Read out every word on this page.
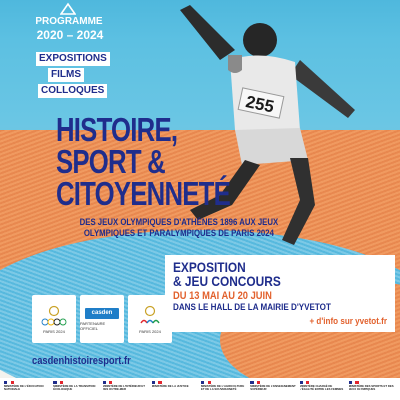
255
PROGRAMME
2020 – 2024
EXPOSITIONS
FILMS
COLLOQUES
HISTOIRE,
SPORT &
CITOYENNETÉ
DES JEUX OLYMPIQUES D'ATHÈNES 1896 AUX JEUX
OLYMPIQUES ET PARALYMPIQUES DE PARIS 2024
EXPOSITION
& JEU CONCOURS
DU 13 MAI AU 20 JUIN
DANS LE HALL DE LA MAIRIE D'YVETOT
+ d'info sur yvetot.fr
PARIS 2024
casden
PARTENAIRE OFFICIEL
PARIS 2024
casdenhistoiresport.fr
MINISTÈRE DE L'ÉDUCATION NATIONALE
MINISTÈRE DE LA TRANSITION ÉCOLOGIQUE
MINISTÈRE DE L'INTÉRIEUR ET DES OUTRE-MER
MINISTÈRE DE LA JUSTICE	MINISTÈRE DE L'AGRICULTURE ET DE LA SOUVERAINETÉ
MINISTÈRE DE L'ENSEIGNEMENT SUPÉRIEUR
MINISTÈRE CHARGÉ DE L'ÉGALITÉ ENTRE LES FEMMES
MINISTÈRE DES SPORTS ET DES JEUX OLYMPIQUES
